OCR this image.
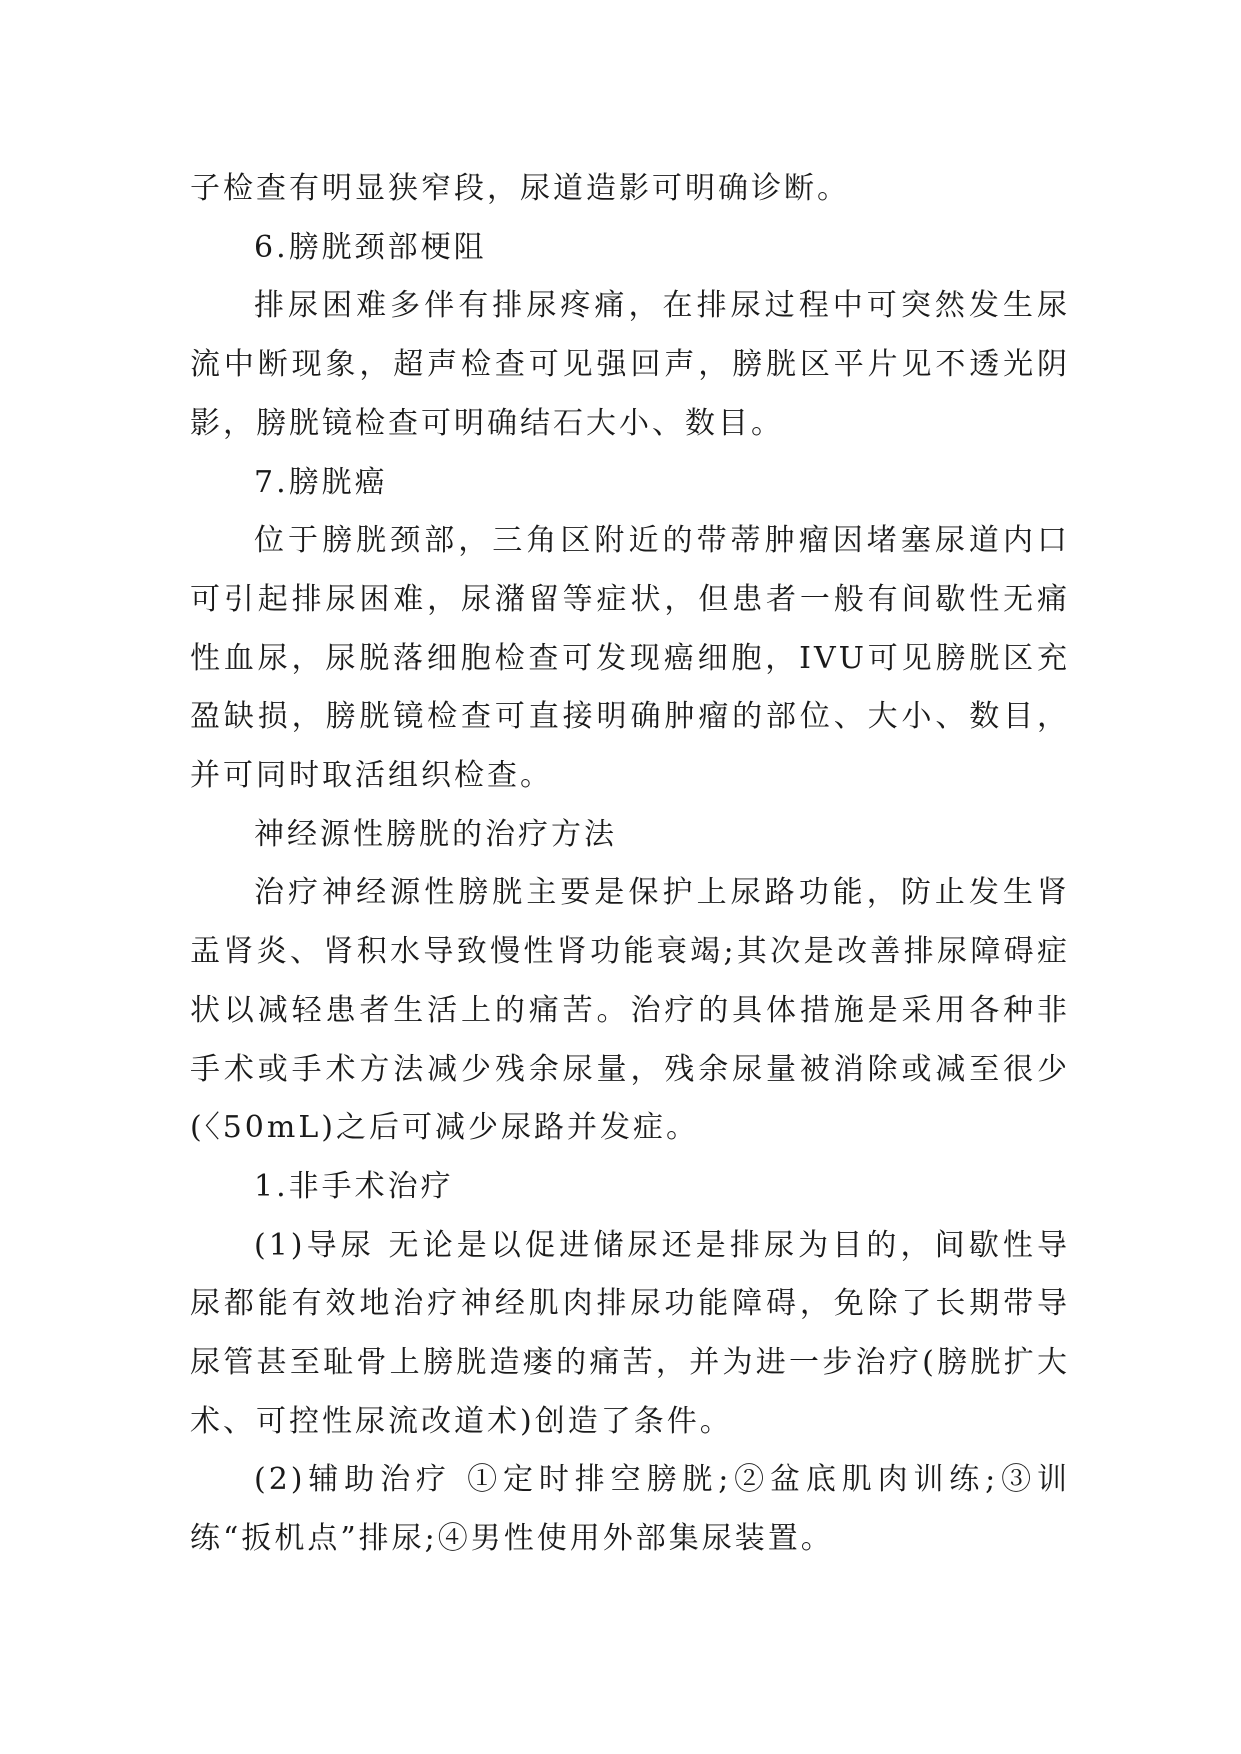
子检查有明显狭窄段，尿道造影可明确诊断。

6.膀胱颈部梗阻

排尿困难多伴有排尿疼痛，在排尿过程中可突然发生尿流中断现象，超声检查可见强回声，膀胱区平片见不透光阴影，膀胱镜检查可明确结石大小、数目。

7.膀胱癌

位于膀胱颈部，三角区附近的带蒂肿瘤因堵塞尿道内口可引起排尿困难，尿潴留等症状，但患者一般有间歇性无痛性血尿，尿脱落细胞检查可发现癌细胞，IVU可见膀胱区充盈缺损，膀胱镜检查可直接明确肿瘤的部位、大小、数目，并可同时取活组织检查。

神经源性膀胱的治疗方法

治疗神经源性膀胱主要是保护上尿路功能，防止发生肾盂肾炎、肾积水导致慢性肾功能衰竭;其次是改善排尿障碍症状以减轻患者生活上的痛苦。治疗的具体措施是采用各种非手术或手术方法减少残余尿量，残余尿量被消除或减至很少(〈50mL)之后可减少尿路并发症。

1.非手术治疗

(1)导尿 无论是以促进储尿还是排尿为目的，间歇性导尿都能有效地治疗神经肌肉排尿功能障碍，免除了长期带导尿管甚至耻骨上膀胱造瘘的痛苦，并为进一步治疗(膀胱扩大术、可控性尿流改道术)创造了条件。

(2)辅助治疗 ①定时排空膀胱;②盆底肌肉训练;③训练“扳机点”排尿;④男性使用外部集尿装置。
